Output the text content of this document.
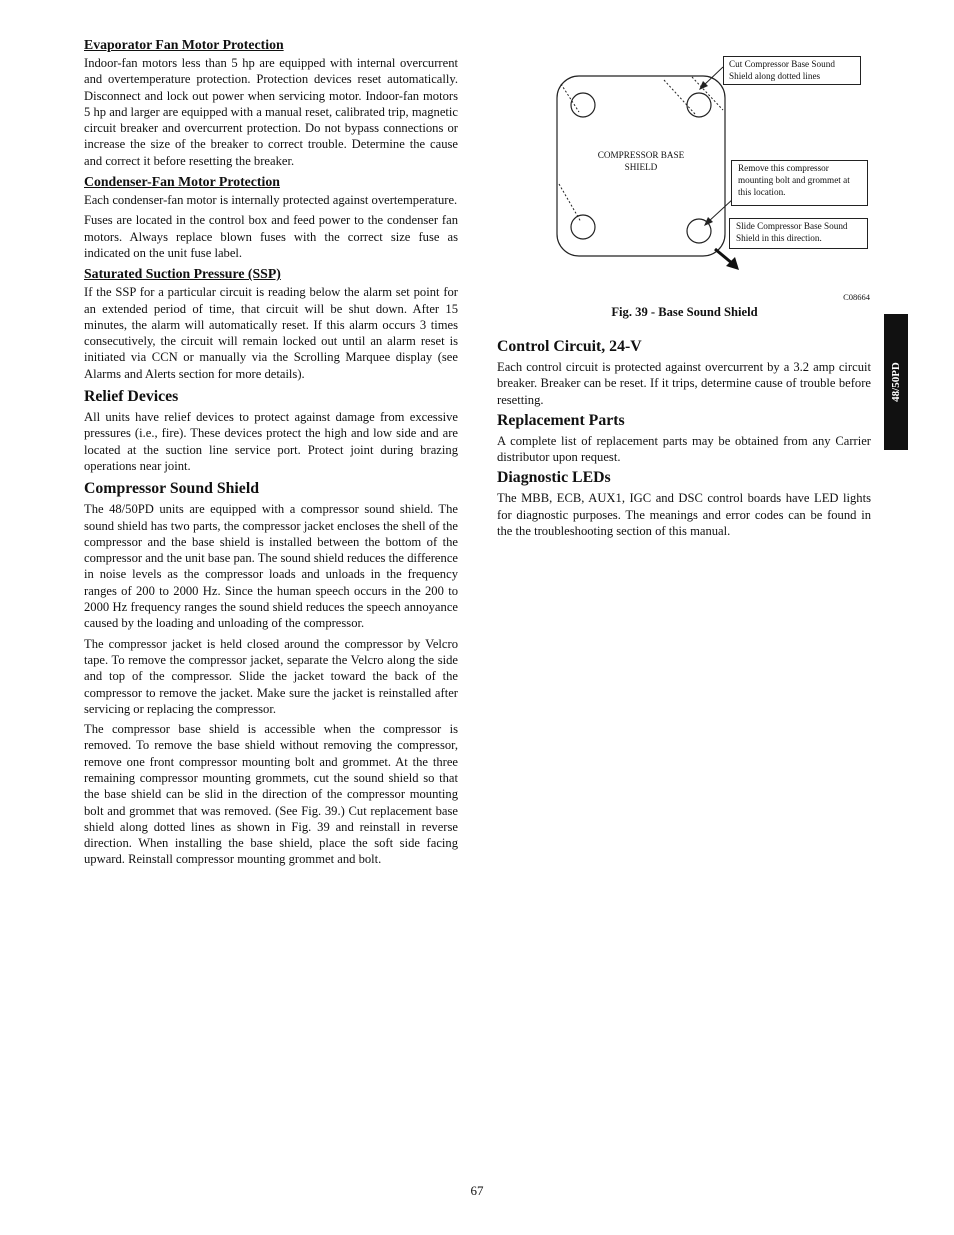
Evaporator Fan Motor Protection

Indoor-fan motors less than 5 hp are equipped with internal overcurrent and overtemperature protection. Protection devices reset automatically. Disconnect and lock out power when servicing motor. Indoor-fan motors 5 hp and larger are equipped with a manual reset, calibrated trip, magnetic circuit breaker and overcurrent protection. Do not bypass connections or increase the size of the breaker to correct trouble. Determine the cause and correct it before resetting the breaker.

Condenser-Fan Motor Protection

Each condenser-fan motor is internally protected against overtemperature.

Fuses are located in the control box and feed power to the condenser fan motors. Always replace blown fuses with the correct size fuse as indicated on the unit fuse label.

Saturated Suction Pressure (SSP)

If the SSP for a particular circuit is reading below the alarm set point for an extended period of time, that circuit will be shut down. After 15 minutes, the alarm will automatically reset. If this alarm occurs 3 times consecutively, the circuit will remain locked out until an alarm reset is initiated via CCN or manually via the Scrolling Marquee display (see Alarms and Alerts section for more details).

Relief Devices

All units have relief devices to protect against damage from excessive pressures (i.e., fire). These devices protect the high and low side and are located at the suction line service port. Protect joint during brazing operations near joint.

Compressor Sound Shield

The 48/50PD units are equipped with a compressor sound shield. The sound shield has two parts, the compressor jacket encloses the shell of the compressor and the base shield is installed between the bottom of the compressor and the unit base pan. The sound shield reduces the difference in noise levels as the compressor loads and unloads in the frequency ranges of 200 to 2000 Hz. Since the human speech occurs in the 200 to 2000 Hz frequency ranges the sound shield reduces the speech annoyance caused by the loading and unloading of the compressor.

The compressor jacket is held closed around the compressor by Velcro tape. To remove the compressor jacket, separate the Velcro along the side and top of the compressor. Slide the jacket toward the back of the compressor to remove the jacket. Make sure the jacket is reinstalled after servicing or replacing the compressor.

The compressor base shield is accessible when the compressor is removed. To remove the base shield without removing the compressor, remove one front compressor mounting bolt and grommet. At the three remaining compressor mounting grommets, cut the sound shield so that the base shield can be slid in the direction of the compressor mounting bolt and grommet that was removed. (See Fig. 39.) Cut replacement base shield along dotted lines as shown in Fig. 39 and reinstall in reverse direction. When installing the base shield, place the soft side facing upward. Reinstall compressor mounting grommet and bolt.

COMPRESSOR BASE SHIELD
Cut Compressor Base Sound Shield along dotted lines
Remove this compressor mounting bolt and grommet at this location.
Slide Compressor Base Sound Shield in this direction.
C08664
Fig. 39 - Base Sound Shield
Control Circuit, 24-V

Each control circuit is protected against overcurrent by a 3.2 amp circuit breaker. Breaker can be reset. If it trips, determine cause of trouble before resetting.

Replacement Parts

A complete list of replacement parts may be obtained from any Carrier distributor upon request.

Diagnostic LEDs

The MBB, ECB, AUX1, IGC and DSC control boards have LED lights for diagnostic purposes. The meanings and error codes can be found in the the troubleshooting section of this manual.

48/50PD
67
